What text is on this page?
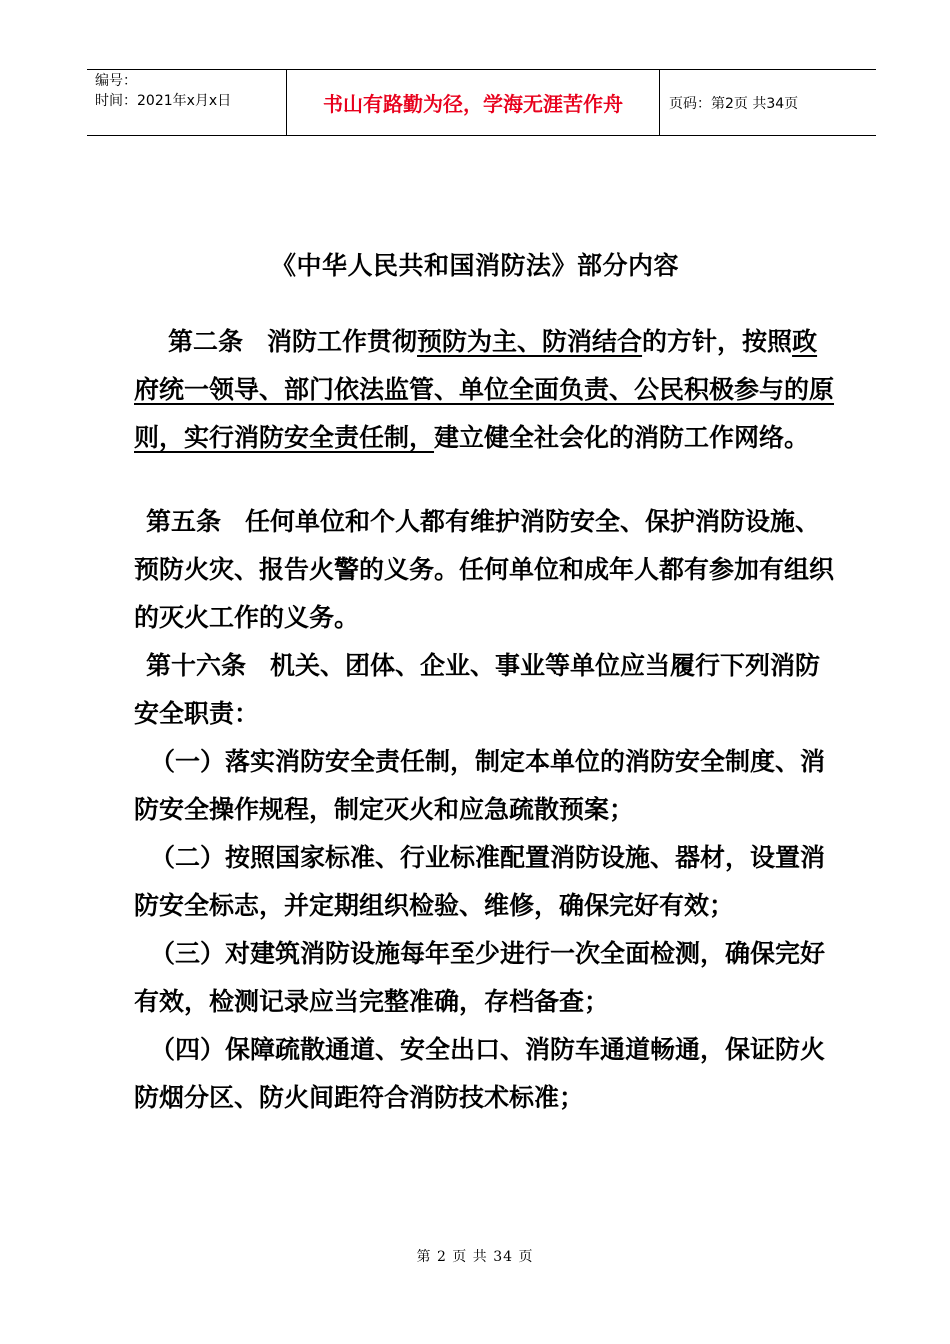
编号：
时间：2021年x月x日	书山有路勤为径，学海无涯苦作舟	页码：第2页 共34页
《中华人民共和国消防法》部分内容

第二条 消防工作贯彻预防为主、防消结合的方针，按照政府统一领导、部门依法监管、单位全面负责、公民积极参与的原则，实行消防安全责任制，建立健全社会化的消防工作网络。

第五条 任何单位和个人都有维护消防安全、保护消防设施、预防火灾、报告火警的义务。任何单位和成年人都有参加有组织的灭火工作的义务。

第十六条 机关、团体、企业、事业等单位应当履行下列消防安全职责：

（一）落实消防安全责任制，制定本单位的消防安全制度、消防安全操作规程，制定灭火和应急疏散预案；

（二）按照国家标准、行业标准配置消防设施、器材，设置消防安全标志，并定期组织检验、维修，确保完好有效；

（三）对建筑消防设施每年至少进行一次全面检测，确保完好有效，检测记录应当完整准确，存档备查；

（四）保障疏散通道、安全出口、消防车通道畅通，保证防火防烟分区、防火间距符合消防技术标准；

第 2 页 共 34 页
